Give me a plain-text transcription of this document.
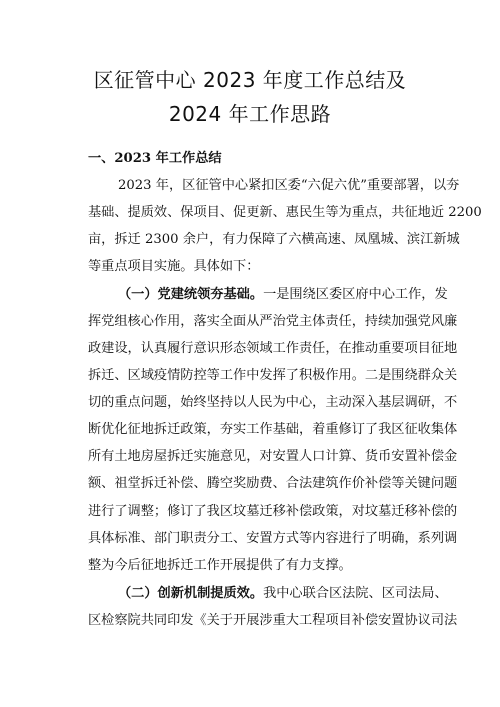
区征管中心 2023 年度工作总结及
2024 年工作思路
一、2023 年工作总结
2023 年，区征管中心紧扣区委“六促六优”重要部署，以夯
基础、提质效、保项目、促更新、惠民生等为重点，共征地近 2200
亩，拆迁 2300 余户，有力保障了六横高速、凤凰城、滨江新城
等重点项目实施。具体如下：
（一）党建统领夯基础。一是围绕区委区府中心工作，发
挥党组核心作用，落实全面从严治党主体责任，持续加强党风廉
政建设，认真履行意识形态领域工作责任，在推动重要项目征地
拆迁、区域疫情防控等工作中发挥了积极作用。二是围绕群众关
切的重点问题，始终坚持以人民为中心，主动深入基层调研，不
断优化征地拆迁政策，夯实工作基础，着重修订了我区征收集体
所有土地房屋拆迁实施意见，对安置人口计算、货币安置补偿金
额、祖堂拆迁补偿、腾空奖励费、合法建筑作价补偿等关键问题
进行了调整；修订了我区坟墓迁移补偿政策，对坟墓迁移补偿的
具体标准、部门职责分工、安置方式等内容进行了明确，系列调
整为今后征地拆迁工作开展提供了有力支撑。
（二）创新机制提质效。我中心联合区法院、区司法局、
区检察院共同印发《关于开展涉重大工程项目补偿安置协议司法
